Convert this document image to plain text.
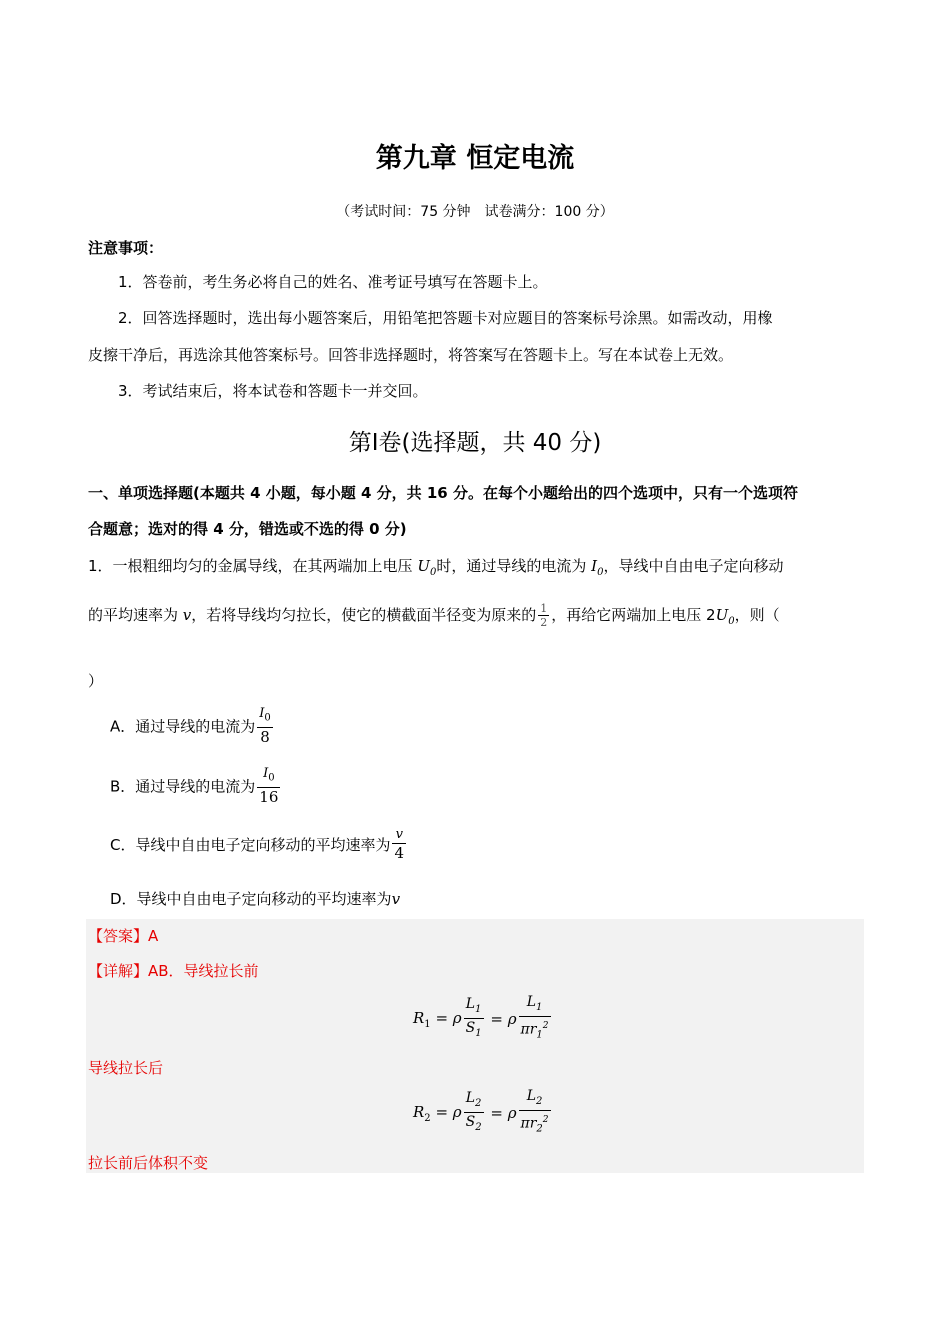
第九章 恒定电流
（考试时间：75 分钟　试卷满分：100 分）
注意事项：
1．答卷前，考生务必将自己的姓名、准考证号填写在答题卡上。
2．回答选择题时，选出每小题答案后，用铅笔把答题卡对应题目的答案标号涂黑。如需改动，用橡
皮擦干净后，再选涂其他答案标号。回答非选择题时，将答案写在答题卡上。写在本试卷上无效。
3．考试结束后，将本试卷和答题卡一并交回。
第Ⅰ卷(选择题，共 40 分)
一、单项选择题(本题共 4 小题，每小题 4 分，共 16 分。在每个小题给出的四个选项中，只有一个选项符
合题意；选对的得 4 分，错选或不选的得 0 分)
1．一根粗细均匀的金属导线，在其两端加上电压 $U_0$时，通过导线的电流为 $I_0$，导线中自由电子定向移动
的平均速率为 v，若将导线均匀拉长，使它的横截面半径变为原来的 $\frac{1}{2}$ ，再给它两端加上电压 $2U_0$，则（
）
A．通过导线的电流为 $\frac{I_0}{8}$
B．通过导线的电流为 $\frac{I_0}{16}$
C．导线中自由电子定向移动的平均速率为 $\frac{v}{4}$
D．导线中自由电子定向移动的平均速率为v
【答案】A
【详解】AB．导线拉长前
$R_1 = \rho \frac{L_1}{S_1} = \rho \frac{L_1}{\pi r_1^2}$
导线拉长后
$R_2 = \rho \frac{L_2}{S_2} = \rho \frac{L_2}{\pi r_2^2}$
拉长前后体积不变
